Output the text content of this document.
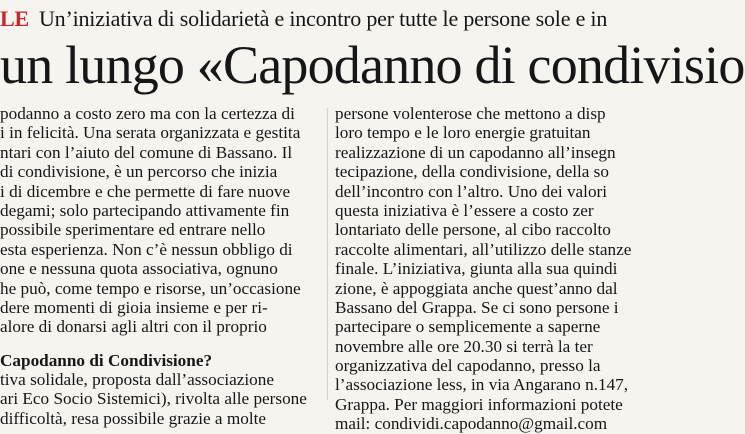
LE Un’iniziativa di solidarietà e incontro per tutte le persone sole e in
un lungo «Capodanno di condivisio
podanno a costo zero ma con la certezza di
i in felicità. Una serata organizzata e gestita
ntari con l’aiuto del comune di Bassano. Il
di condivisione, è un percorso che inizia
i di dicembre e che permette di fare nuove
degami; solo partecipando attivamente fin
possibile sperimentare ed entrare nello
esta esperienza. Non c’è nessun obbligo di
one e nessuna quota associativa, ognuno
he può, come tempo e risorse, un’occasione
dere momenti di gioia insieme e per ri-
alore di donarsi agli altri con il proprio
Capodanno di Condivisione?
tiva solidale, proposta dall’associazione
ari Eco Socio Sistemici), rivolta alle persone
difficoltà, resa possibile grazie a molte
persone volenterose che mettono a disp
loro tempo e le loro energie gratuitan
realizzazione di un capodanno all’insegn
tecipazione, della condivisione, della so
dell’incontro con l’altro. Uno dei valori
questa iniziativa è l’essere a costo zer
lontariato delle persone, al cibo raccolto
raccolte alimentari, all’utilizzo delle stanze
finale. L’iniziativa, giunta alla sua quindi
zione, è appoggiata anche quest’anno dal
Bassano del Grappa. Se ci sono persone i
partecipare o semplicemente a saperne
novembre alle ore 20.30 si terrà la ter
organizzativa del capodanno, presso la
l’associazione less, in via Angarano n.147,
Grappa. Per maggiori informazioni potete
mail: condividi.capodanno@gmail.com
